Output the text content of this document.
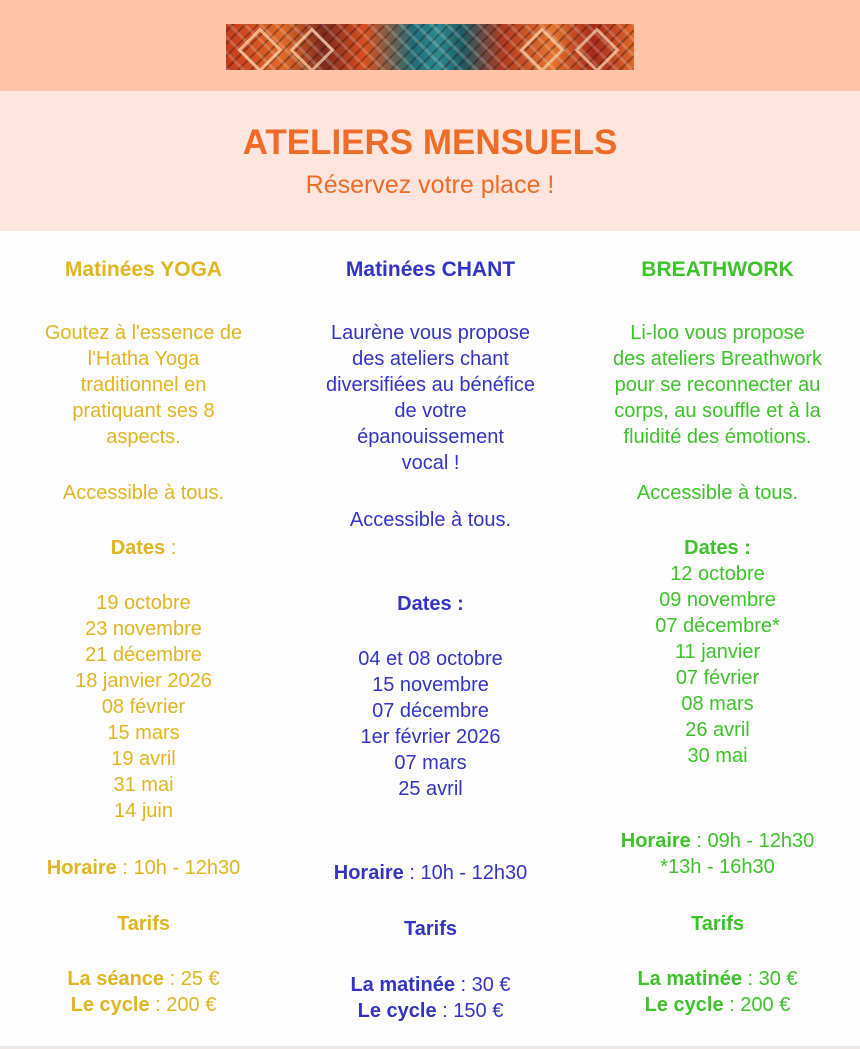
ATELIERS MENSUELS
Réservez votre place !
Matinées YOGA
Goutez à l'essence de
l'Hatha Yoga
traditionnel en
pratiquant ses 8
aspects.
Accessible à tous.
Dates :
19 octobre
23 novembre
21 décembre
18 janvier 2026
08 février
15 mars
19 avril
31 mai
14 juin
Horaire : 10h - 12h30
Tarifs
La séance : 25 €
Le cycle : 200 €
Matinées CHANT
Laurène vous propose
des ateliers chant
diversifiées au bénéfice
de votre
épanouissement
vocal !
Accessible à tous.
Dates :
04 et 08 octobre
15 novembre
07 décembre
1er février 2026
07 mars
25 avril
Horaire : 10h - 12h30
Tarifs
La matinée : 30 €
Le cycle : 150 €
BREATHWORK
Li-loo vous propose
des ateliers Breathwork
pour se reconnecter au
corps, au souffle et à la
fluidité des émotions.
Accessible à tous.
Dates :
12 octobre
09 novembre
07 décembre*
11 janvier
07 février
08 mars
26 avril
30 mai
Horaire : 09h - 12h30
*13h - 16h30
Tarifs
La matinée : 30 €
Le cycle : 200 €
